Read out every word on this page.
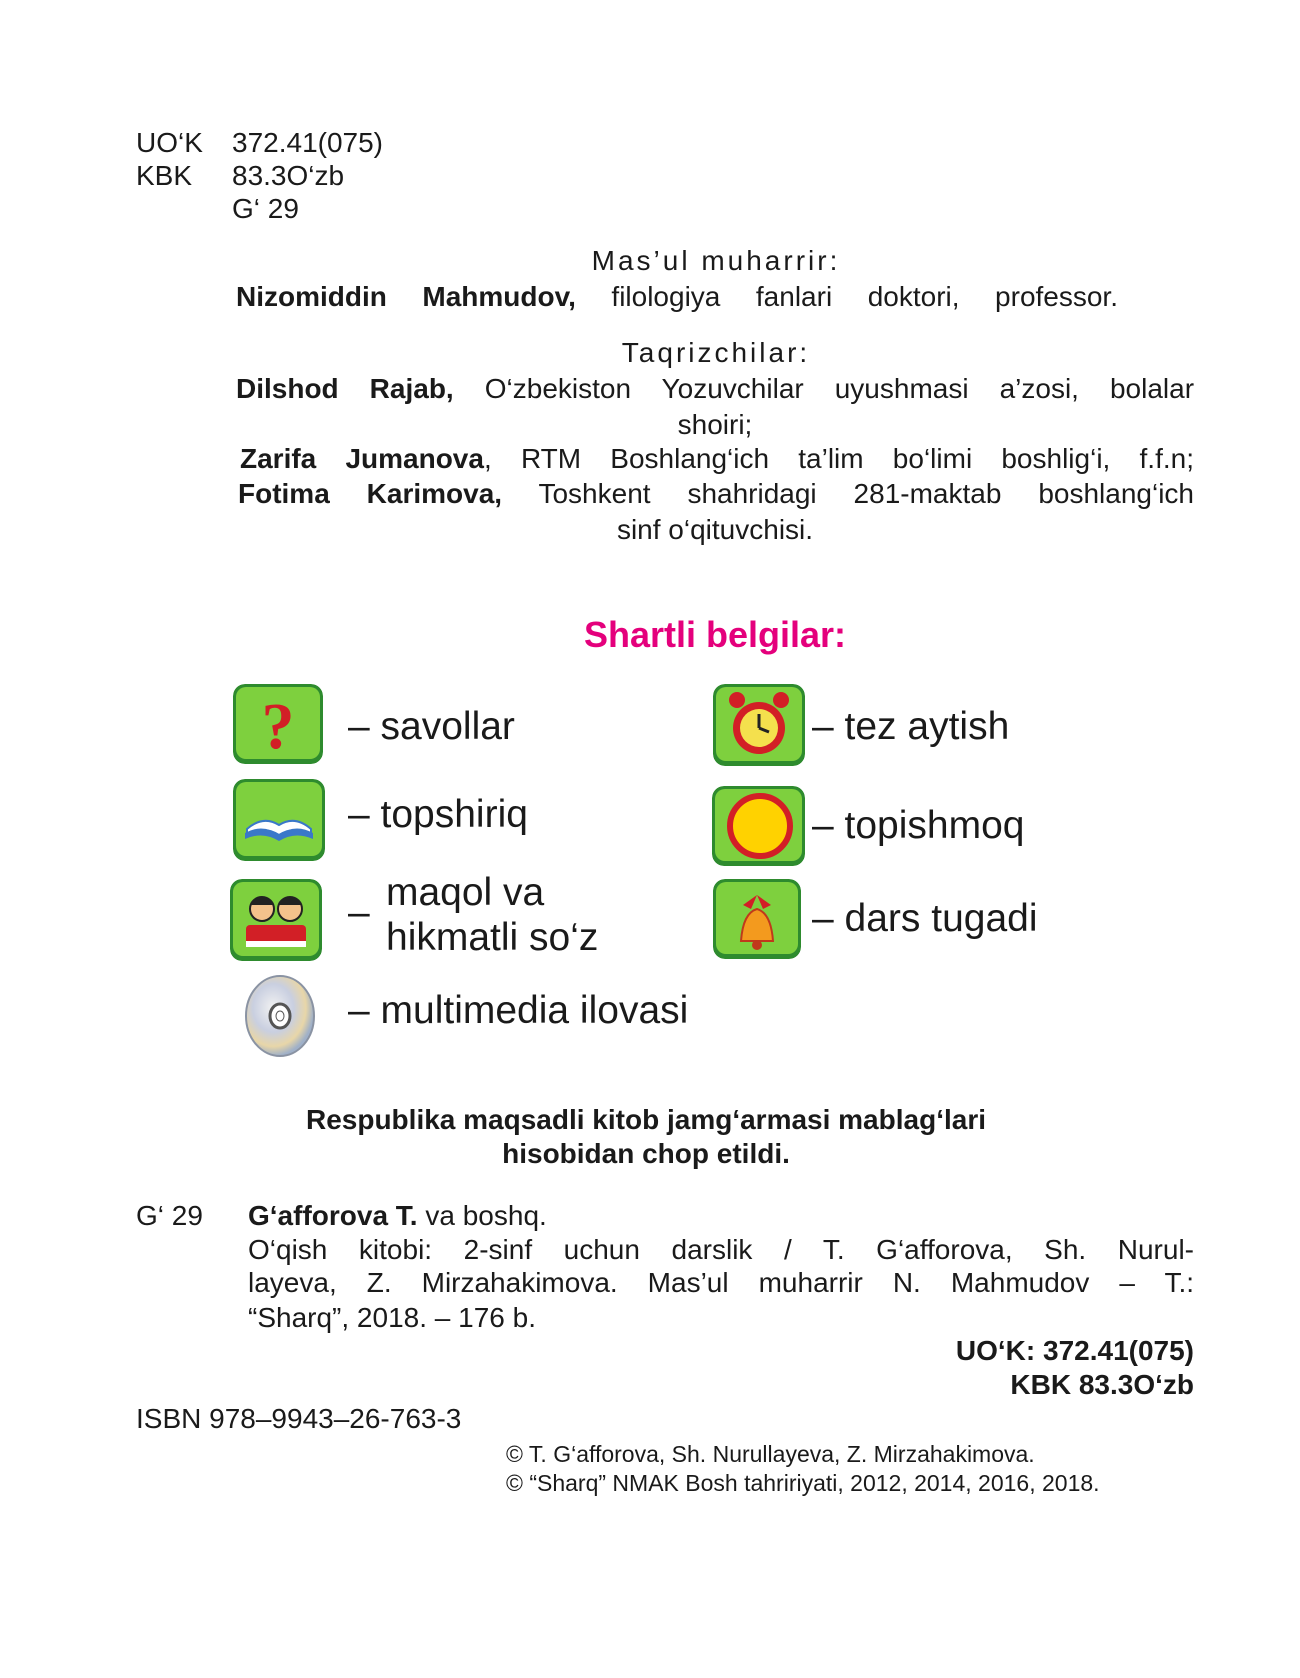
UO‘K	372.41(075)
KBK	83.3O‘zb
G‘ 29
Mas’ul muharrir:
Nizomiddin Mahmudov, filologiya fanlari doktori, professor.
Taqrizchilar:
Dilshod Rajab, O‘zbekiston Yozuvchilar uyushmasi a’zosi, bolalar
shoiri;
Zarifa Jumanova, RTM Boshlang‘ich ta’lim bo‘limi boshlig‘i, f.f.n;
Fotima Karimova, Toshkent shahridagi 281-maktab boshlang‘ich
sinf o‘qituvchisi.
Shartli belgilar:
? – savollar
– topshiriq
– maqol va
hikmatli so‘z
– multimedia ilovasi
– tez aytish
– topishmoq
– dars tugadi
Respublika maqsadli kitob jamg‘armasi mablag‘lari
hisobidan chop etildi.
G‘ 29 G‘afforova T. va boshq.
O‘qish kitobi: 2-sinf uchun darslik / T. G‘afforova, Sh. Nurul-
layeva, Z. Mirzahakimova. Mas’ul muharrir N. Mahmudov – T.:
“Sharq”, 2018. – 176 b.
UO‘K: 372.41(075)
KBK 83.3O‘zb
ISBN 978–9943–26-763-3
© T. G‘afforova, Sh. Nurullayeva, Z. Mirzahakimova.
© “Sharq” NMAK Bosh tahririyati, 2012, 2014, 2016, 2018.
